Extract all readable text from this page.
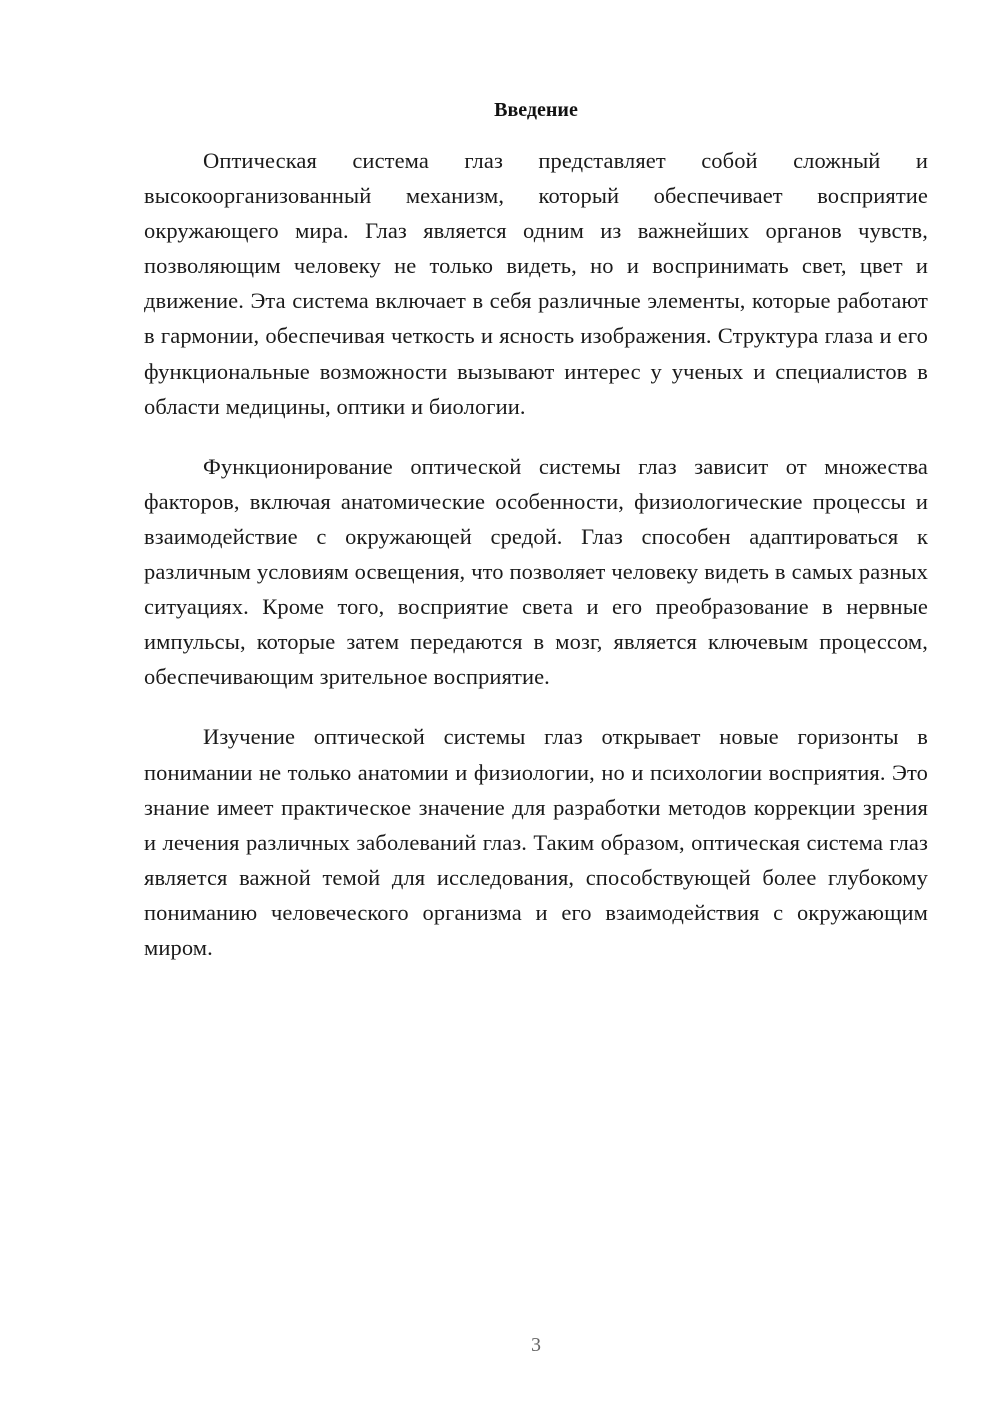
Введение

Оптическая система глаз представляет собой сложный и высокоорганизованный механизм, который обеспечивает восприятие окружающего мира. Глаз является одним из важнейших органов чувств, позволяющим человеку не только видеть, но и воспринимать свет, цвет и движение. Эта система включает в себя различные элементы, которые работают в гармонии, обеспечивая четкость и ясность изображения. Структура глаза и его функциональные возможности вызывают интерес у ученых и специалистов в области медицины, оптики и биологии.

Функционирование оптической системы глаз зависит от множества факторов, включая анатомические особенности, физиологические процессы и взаимодействие с окружающей средой. Глаз способен адаптироваться к различным условиям освещения, что позволяет человеку видеть в самых разных ситуациях. Кроме того, восприятие света и его преобразование в нервные импульсы, которые затем передаются в мозг, является ключевым процессом, обеспечивающим зрительное восприятие.

Изучение оптической системы глаз открывает новые горизонты в понимании не только анатомии и физиологии, но и психологии восприятия. Это знание имеет практическое значение для разработки методов коррекции зрения и лечения различных заболеваний глаз. Таким образом, оптическая система глаз является важной темой для исследования, способствующей более глубокому пониманию человеческого организма и его взаимодействия с окружающим миром.

3
